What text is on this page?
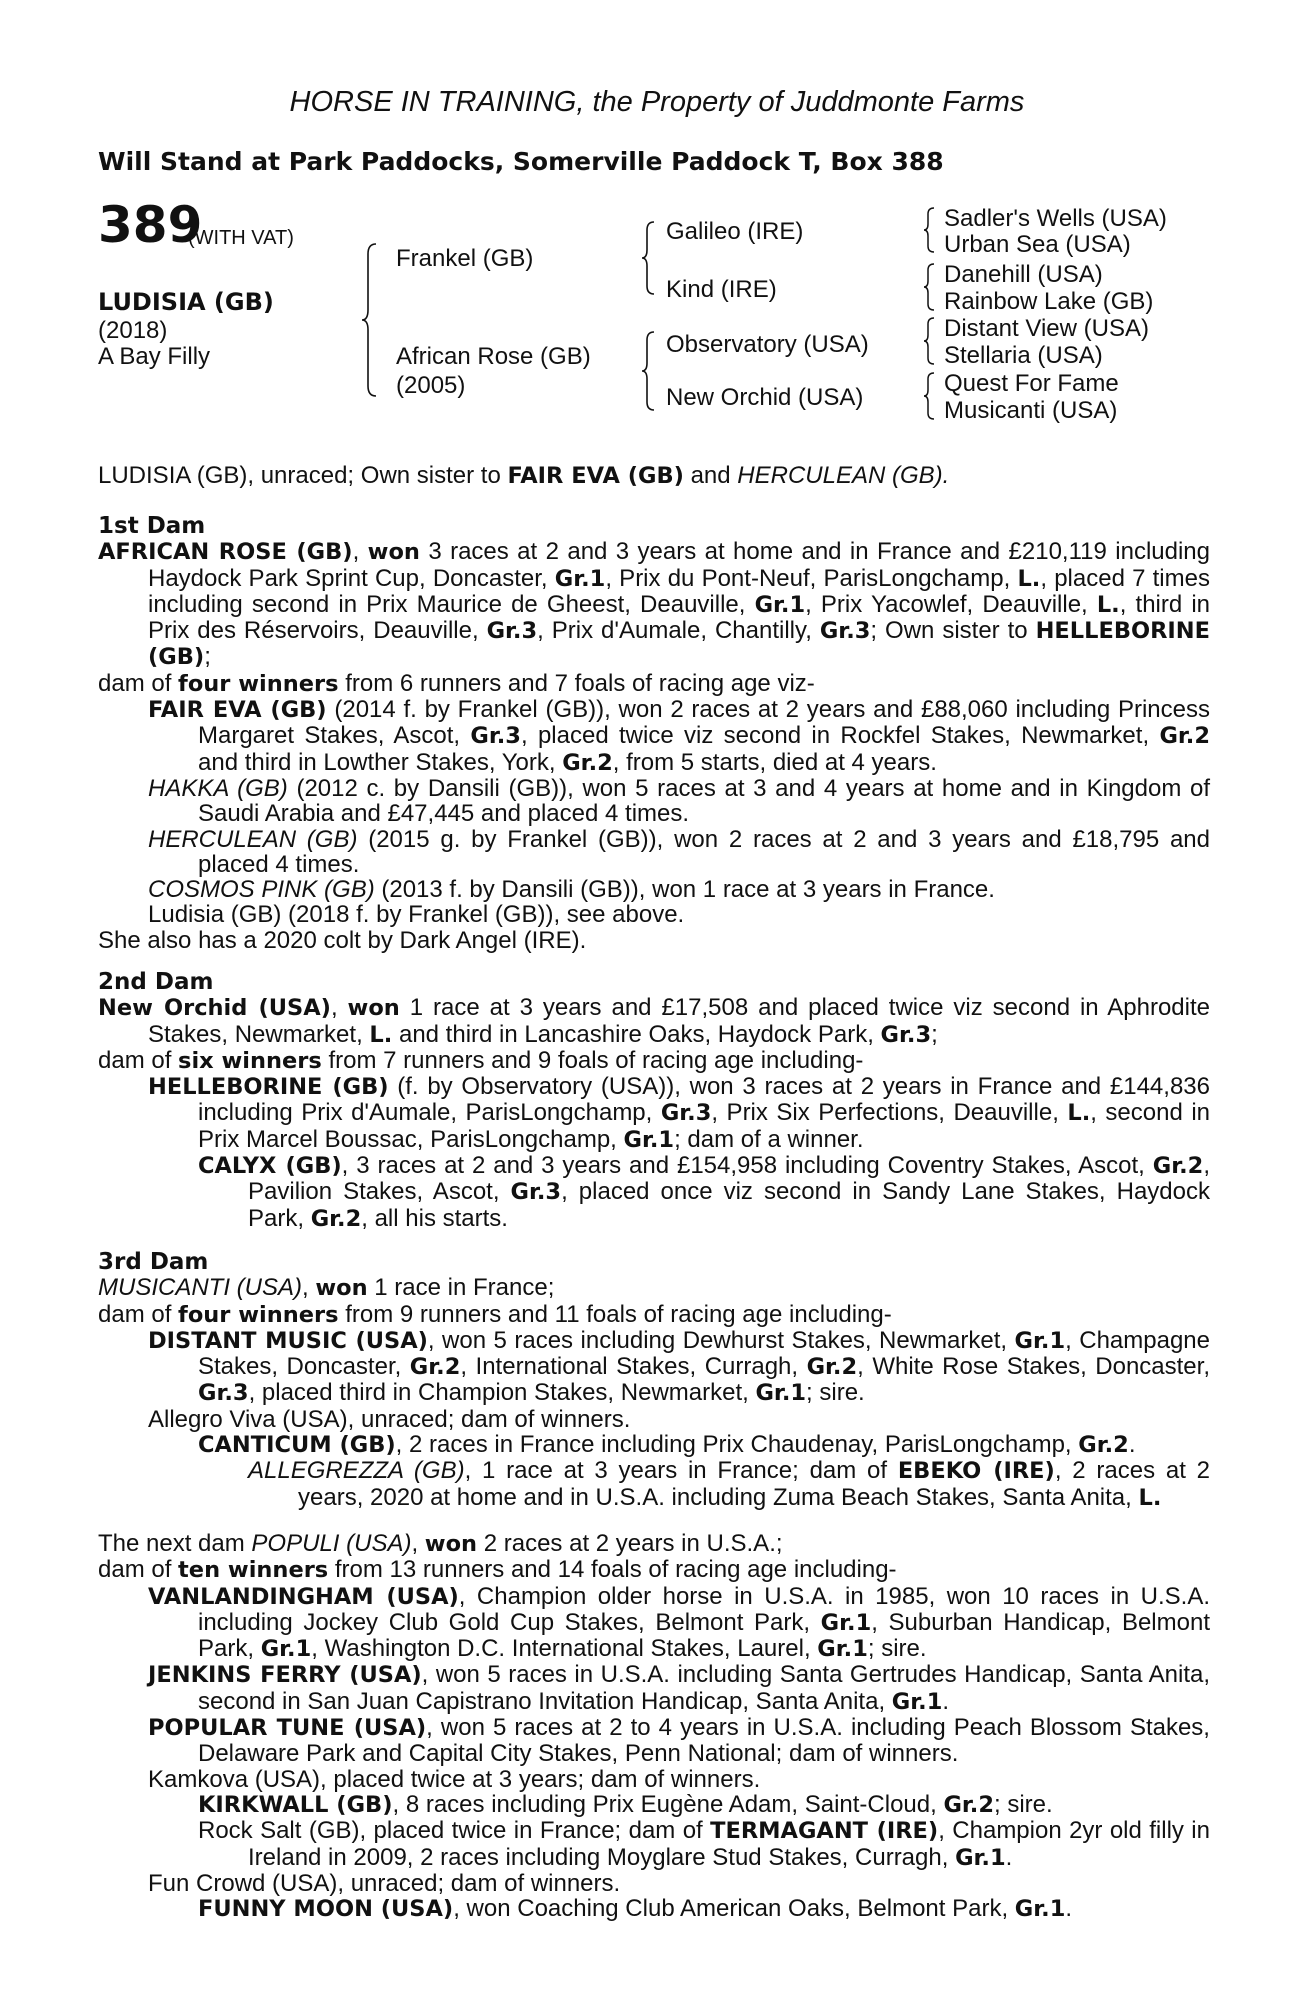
HORSE IN TRAINING, the Property of Juddmonte Farms
Will Stand at Park Paddocks, Somerville Paddock T, Box 388
389
(WITH VAT)
LUDISIA (GB)
(2018)
A Bay Filly
Frankel (GB)
African Rose (GB)
(2005)
Galileo (IRE)
Kind (IRE)
Observatory (USA)
New Orchid (USA)
Sadler's Wells (USA)
Urban Sea (USA)
Danehill (USA)
Rainbow Lake (GB)
Distant View (USA)
Stellaria (USA)
Quest For Fame
Musicanti (USA)

LUDISIA (GB), unraced; Own sister to FAIR EVA (GB) and HERCULEAN (GB).

1st Dam

AFRICAN ROSE (GB), won 3 races at 2 and 3 years at home and in France and £210,119 including Haydock Park Sprint Cup, Doncaster, Gr.1, Prix du Pont-Neuf, ParisLongchamp, L., placed 7 times including second in Prix Maurice de Gheest, Deauville, Gr.1, Prix Yacowlef, Deauville, L., third in Prix des Réservoirs, Deauville, Gr.3, Prix d'Aumale, Chantilly, Gr.3; Own sister to HELLEBORINE (GB);

dam of four winners from 6 runners and 7 foals of racing age viz-

FAIR EVA (GB) (2014 f. by Frankel (GB)), won 2 races at 2 years and £88,060 including Princess Margaret Stakes, Ascot, Gr.3, placed twice viz second in Rockfel Stakes, Newmarket, Gr.2 and third in Lowther Stakes, York, Gr.2, from 5 starts, died at 4 years.

HAKKA (GB) (2012 c. by Dansili (GB)), won 5 races at 3 and 4 years at home and in Kingdom of Saudi Arabia and £47,445 and placed 4 times.

HERCULEAN (GB) (2015 g. by Frankel (GB)), won 2 races at 2 and 3 years and £18,795 and placed 4 times.

COSMOS PINK (GB) (2013 f. by Dansili (GB)), won 1 race at 3 years in France.

Ludisia (GB) (2018 f. by Frankel (GB)), see above.

She also has a 2020 colt by Dark Angel (IRE).

2nd Dam

New Orchid (USA), won 1 race at 3 years and £17,508 and placed twice viz second in Aphrodite Stakes, Newmarket, L. and third in Lancashire Oaks, Haydock Park, Gr.3;

dam of six winners from 7 runners and 9 foals of racing age including-

HELLEBORINE (GB) (f. by Observatory (USA)), won 3 races at 2 years in France and £144,836 including Prix d'Aumale, ParisLongchamp, Gr.3, Prix Six Perfections, Deauville, L., second in Prix Marcel Boussac, ParisLongchamp, Gr.1; dam of a winner.

CALYX (GB), 3 races at 2 and 3 years and £154,958 including Coventry Stakes, Ascot, Gr.2, Pavilion Stakes, Ascot, Gr.3, placed once viz second in Sandy Lane Stakes, Haydock Park, Gr.2, all his starts.

3rd Dam

MUSICANTI (USA), won 1 race in France;

dam of four winners from 9 runners and 11 foals of racing age including-

DISTANT MUSIC (USA), won 5 races including Dewhurst Stakes, Newmarket, Gr.1, Champagne Stakes, Doncaster, Gr.2, International Stakes, Curragh, Gr.2, White Rose Stakes, Doncaster, Gr.3, placed third in Champion Stakes, Newmarket, Gr.1; sire.

Allegro Viva (USA), unraced; dam of winners.

CANTICUM (GB), 2 races in France including Prix Chaudenay, ParisLongchamp, Gr.2.

ALLEGREZZA (GB), 1 race at 3 years in France; dam of EBEKO (IRE), 2 races at 2 years, 2020 at home and in U.S.A. including Zuma Beach Stakes, Santa Anita, L.

The next dam POPULI (USA), won 2 races at 2 years in U.S.A.;

dam of ten winners from 13 runners and 14 foals of racing age including-

VANLANDINGHAM (USA), Champion older horse in U.S.A. in 1985, won 10 races in U.S.A. including Jockey Club Gold Cup Stakes, Belmont Park, Gr.1, Suburban Handicap, Belmont Park, Gr.1, Washington D.C. International Stakes, Laurel, Gr.1; sire.

JENKINS FERRY (USA), won 5 races in U.S.A. including Santa Gertrudes Handicap, Santa Anita, second in San Juan Capistrano Invitation Handicap, Santa Anita, Gr.1.

POPULAR TUNE (USA), won 5 races at 2 to 4 years in U.S.A. including Peach Blossom Stakes, Delaware Park and Capital City Stakes, Penn National; dam of winners.

Kamkova (USA), placed twice at 3 years; dam of winners.

KIRKWALL (GB), 8 races including Prix Eugène Adam, Saint-Cloud, Gr.2; sire.

Rock Salt (GB), placed twice in France; dam of TERMAGANT (IRE), Champion 2yr old filly in Ireland in 2009, 2 races including Moyglare Stud Stakes, Curragh, Gr.1.

Fun Crowd (USA), unraced; dam of winners.

FUNNY MOON (USA), won Coaching Club American Oaks, Belmont Park, Gr.1.
